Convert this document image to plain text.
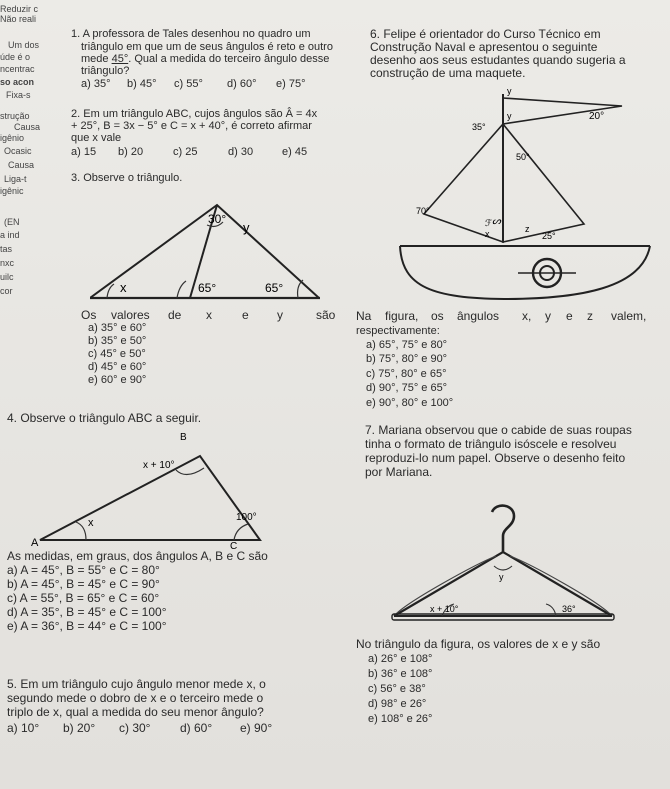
Reduzir c
Não reali
Um dos
úde é o
ncentrac
so acon
Fixa-s
strução
Causa
igênio
Ocasic
Causa
Liga-t
igênic
(EN
a ind
tas
nxc
uilc
cor
1. A professora de Tales desenhou no quadro um
triângulo em que um de seus ângulos é reto e outro
mede 45°. Qual a medida do terceiro ângulo desse
triângulo?
a) 35° b) 45° c) 55° d) 60° e) 75°
2. Em um triângulo ABC, cujos ângulos são Â = 4x
+ 25°, B = 3x − 5° e C = x + 40°, é correto afirmar
que x vale
a) 15 b) 20	c) 25	d) 30	e) 45
3. Observe o triângulo.
30°
y
x	65°	65°
Os valores de x	e y	são
a) 35° e 60°
b) 35° e 50°
c) 45° e 50°
d) 45° e 60°
e) 60° e 90°
4. Observe o triângulo ABC a seguir.
B
x + 10°
x
A
100°
C
As medidas, em graus, dos ângulos A, B e C são
a) A = 45°, B = 55° e C = 80°
b) A = 45°, B = 45° e C = 90°
c) A = 55°, B = 65° e C = 60°
d) A = 35°, B = 45° e C = 100°
e) A = 36°, B = 44° e C = 100°
5. Em um triângulo cujo ângulo menor mede x, o
segundo mede o dobro de x e o terceiro mede o
triplo de x, qual a medida do seu menor ângulo?
a) 10° b) 20° c) 30° d) 60° e) 90°
6. Felipe é orientador do Curso Técnico em
Construção Naval e apresentou o seguinte
desenho aos seus estudantes quando sugeria a
construção de uma maquete.
y
20°
35°
y
50°
70°
x	z
25°
ᔕ
ℱ
Na figura, os ângulos x, y e z valem,
respectivamente:
a) 65°, 75° e 80°
b) 75°, 80° e 90°
c) 75°, 80° e 65°
d) 90°, 75° e 65°
e) 90°, 80° e 100°
7. Mariana observou que o cabide de suas roupas
tinha o formato de triângulo isóscele e resolveu
reproduzi-lo num papel. Observe o desenho feito
por Mariana.
y
x + 10°	36°
No triângulo da figura, os valores de x e y são
a) 26° e 108°
b) 36° e 108°
c) 56° e 38°
d) 98° e 26°
e) 108° e 26°
